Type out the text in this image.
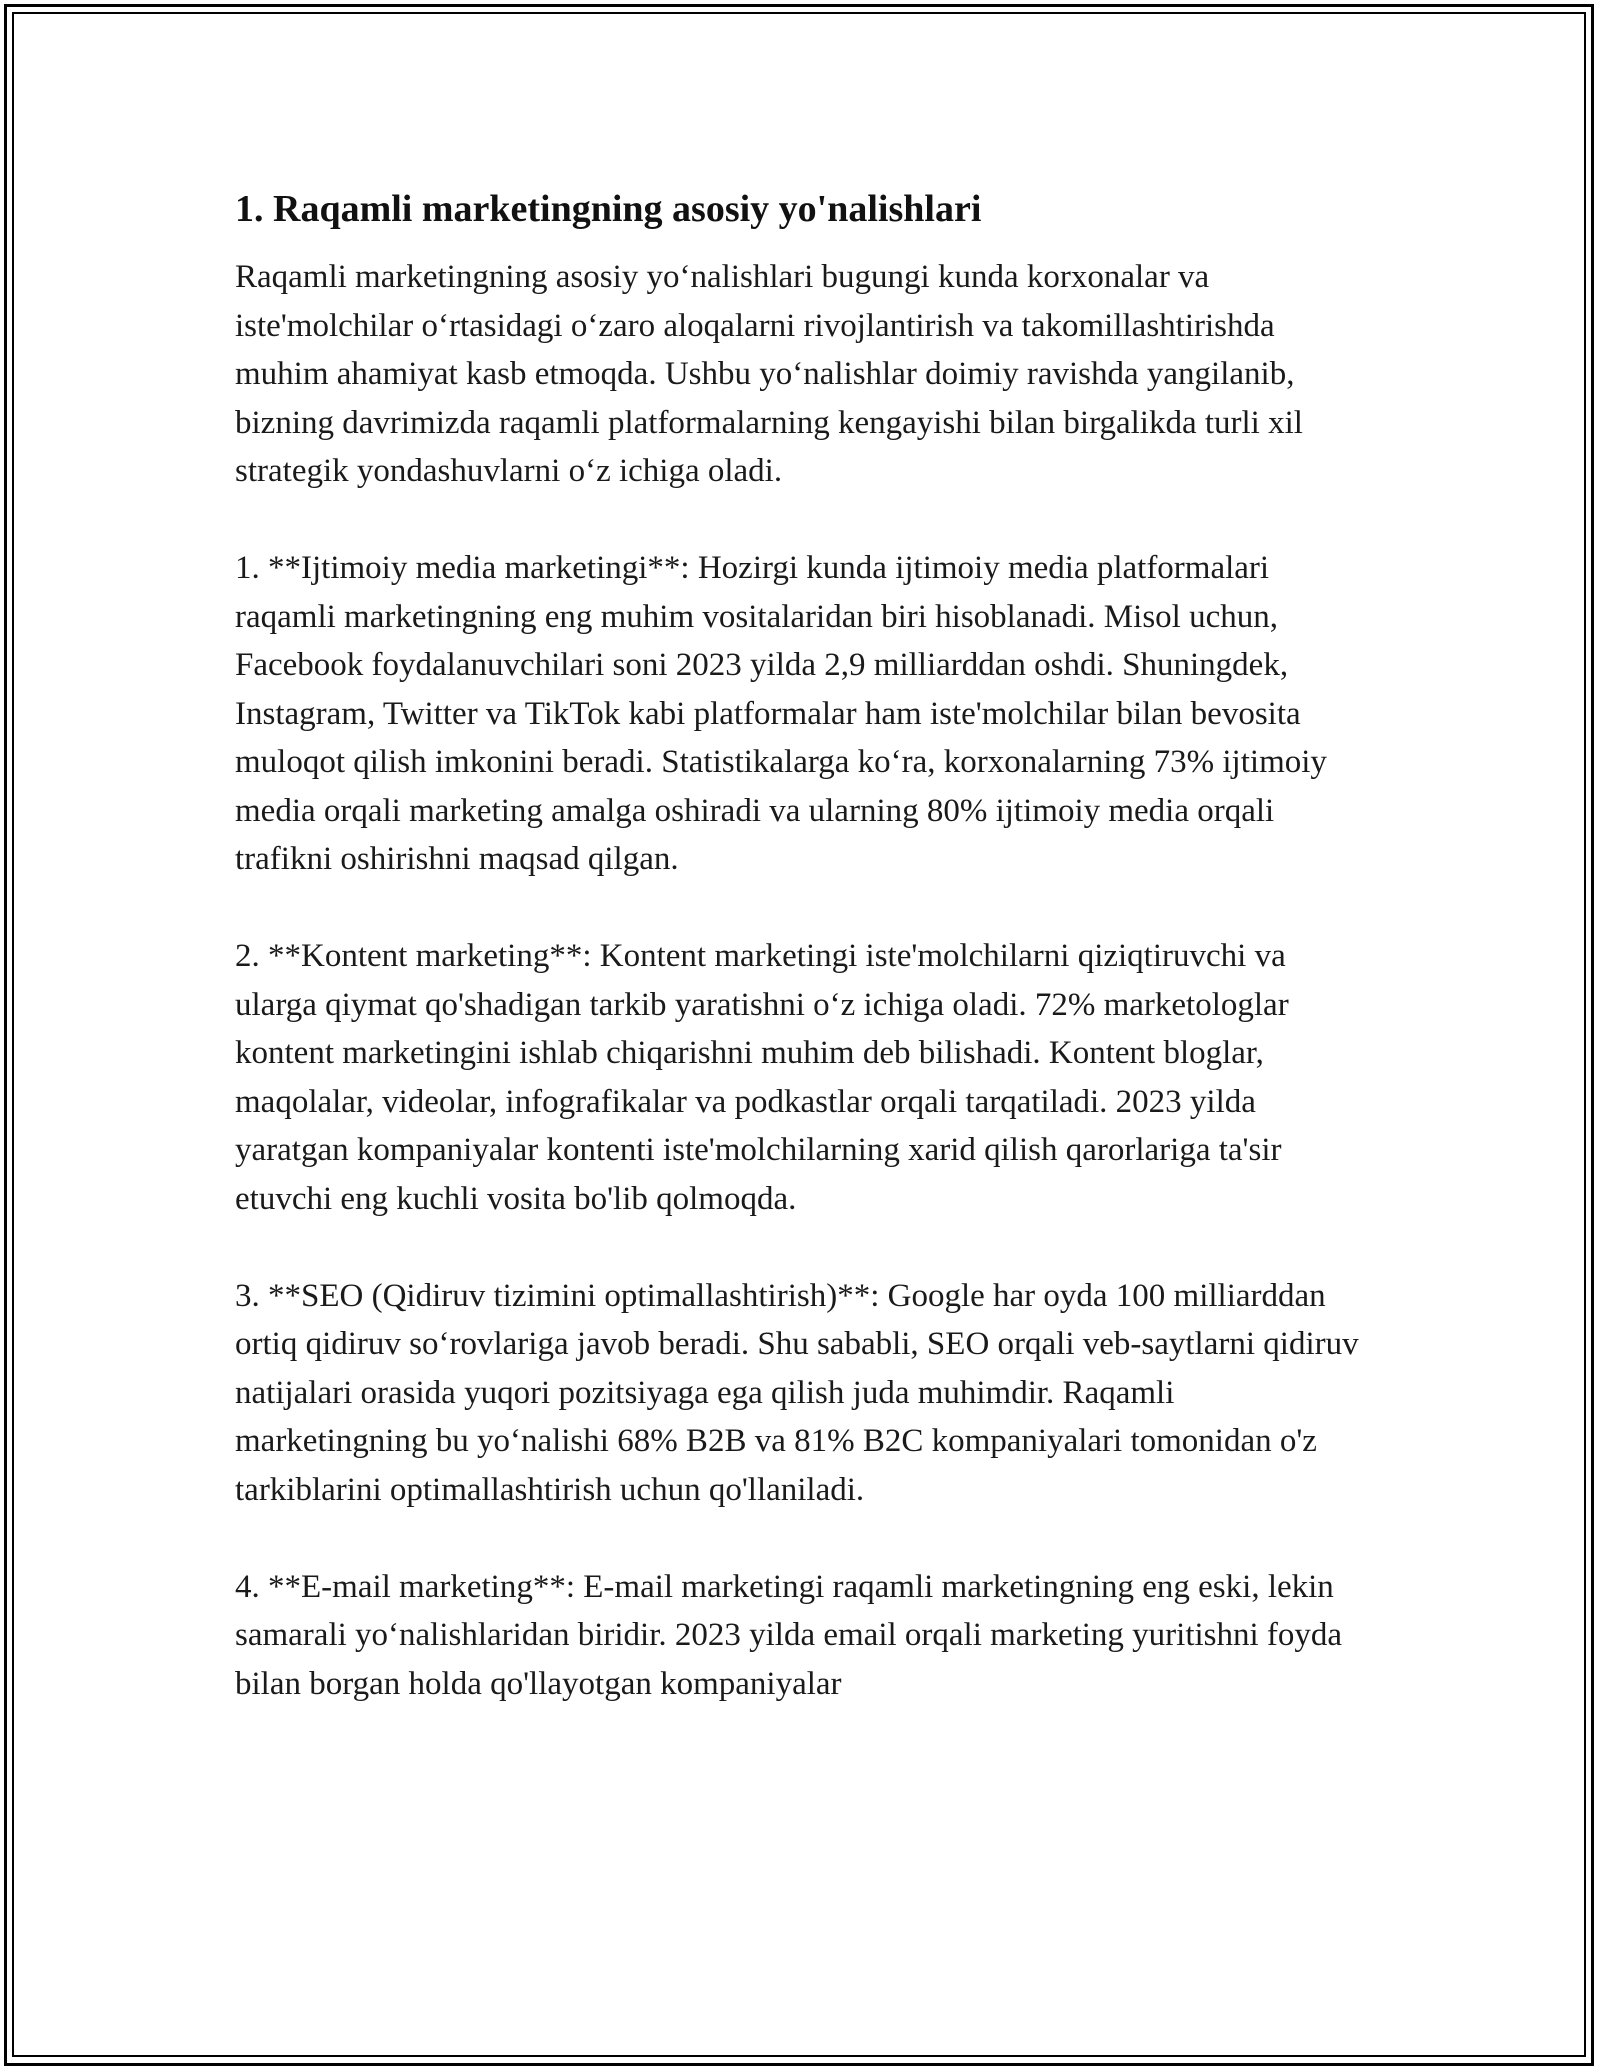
1. Raqamli marketingning asosiy yo'nalishlari

Raqamli marketingning asosiy yo‘nalishlari bugungi kunda korxonalar va iste'molchilar o‘rtasidagi o‘zaro aloqalarni rivojlantirish va takomillashtirishda muhim ahamiyat kasb etmoqda. Ushbu yo‘nalishlar doimiy ravishda yangilanib, bizning davrimizda raqamli platformalarning kengayishi bilan birgalikda turli xil strategik yondashuvlarni o‘z ichiga oladi.

1. **Ijtimoiy media marketingi**: Hozirgi kunda ijtimoiy media platformalari raqamli marketingning eng muhim vositalaridan biri hisoblanadi. Misol uchun, Facebook foydalanuvchilari soni 2023 yilda 2,9 milliarddan oshdi. Shuningdek, Instagram, Twitter va TikTok kabi platformalar ham iste'molchilar bilan bevosita muloqot qilish imkonini beradi. Statistikalarga ko‘ra, korxonalarning 73% ijtimoiy media orqali marketing amalga oshiradi va ularning 80% ijtimoiy media orqali trafikni oshirishni maqsad qilgan.

2. **Kontent marketing**: Kontent marketingi iste'molchilarni qiziqtiruvchi va ularga qiymat qo'shadigan tarkib yaratishni o‘z ichiga oladi. 72% marketologlar kontent marketingini ishlab chiqarishni muhim deb bilishadi. Kontent bloglar, maqolalar, videolar, infografikalar va podkastlar orqali tarqatiladi. 2023 yilda yaratgan kompaniyalar kontenti iste'molchilarning xarid qilish qarorlariga ta'sir etuvchi eng kuchli vosita bo'lib qolmoqda.

3. **SEO (Qidiruv tizimini optimallashtirish)**: Google har oyda 100 milliarddan ortiq qidiruv so‘rovlariga javob beradi. Shu sababli, SEO orqali veb-saytlarni qidiruv natijalari orasida yuqori pozitsiyaga ega qilish juda muhimdir. Raqamli marketingning bu yo‘nalishi 68% B2B va 81% B2C kompaniyalari tomonidan o'z tarkiblarini optimallashtirish uchun qo'llaniladi.

4. **E-mail marketing**: E-mail marketingi raqamli marketingning eng eski, lekin samarali yo‘nalishlaridan biridir. 2023 yilda email orqali marketing yuritishni foyda bilan borgan holda qo'llayotgan kompaniyalar
